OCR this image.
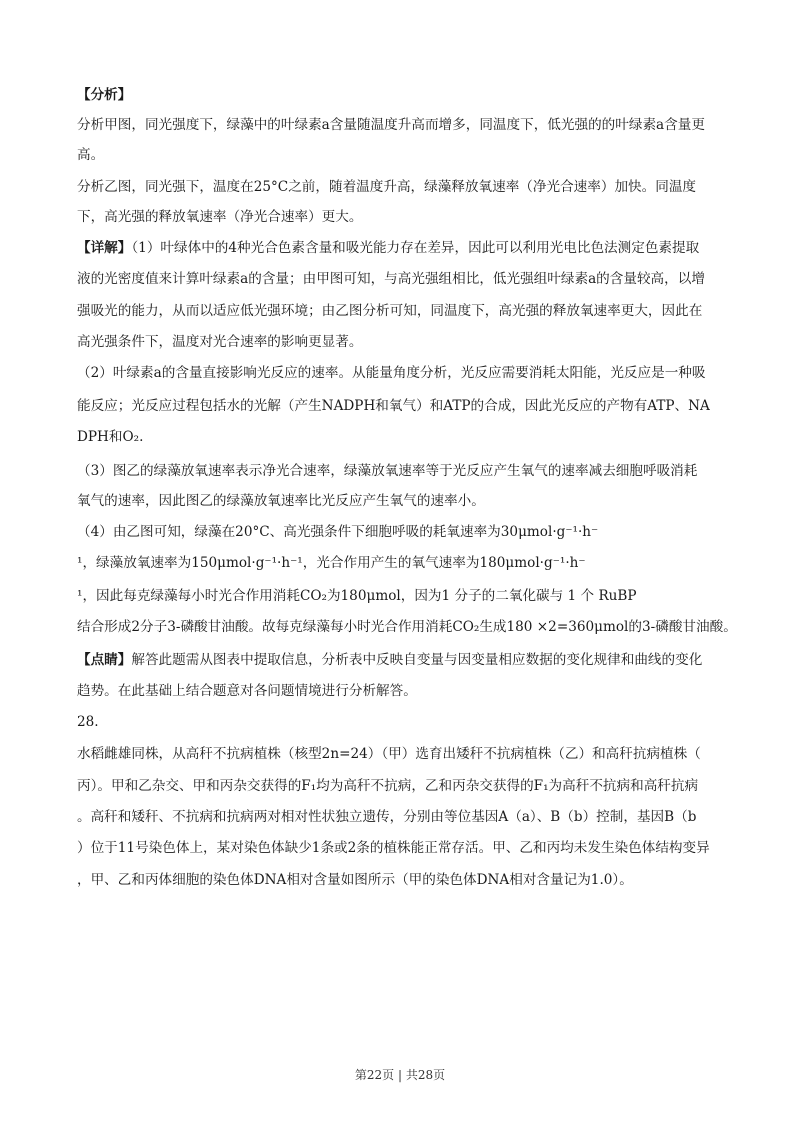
【分析】
分析甲图，同光强度下，绿藻中的叶绿素a含量随温度升高而增多，同温度下，低光强的的叶绿素a含量更
高。
分析乙图，同光强下，温度在25°C之前，随着温度升高，绿藻释放氧速率（净光合速率）加快。同温度
下，高光强的释放氧速率（净光合速率）更大。
【详解】（1）叶绿体中的4种光合色素含量和吸光能力存在差异，因此可以利用光电比色法测定色素提取
液的光密度值来计算叶绿素a的含量；由甲图可知，与高光强组相比，低光强组叶绿素a的含量较高，以增
强吸光的能力，从而以适应低光强环境；由乙图分析可知，同温度下，高光强的释放氧速率更大，因此在
高光强条件下，温度对光合速率的影响更显著。
（2）叶绿素a的含量直接影响光反应的速率。从能量角度分析，光反应需要消耗太阳能，光反应是一种吸
能反应；光反应过程包括水的光解（产生NADPH和氧气）和ATP的合成，因此光反应的产物有ATP、NA
DPH和O₂.
（3）图乙的绿藻放氧速率表示净光合速率，绿藻放氧速率等于光反应产生氧气的速率减去细胞呼吸消耗
氧气的速率，因此图乙的绿藻放氧速率比光反应产生氧气的速率小。
（4）由乙图可知，绿藻在20°C、高光强条件下细胞呼吸的耗氧速率为30μmol·g⁻¹·h⁻
¹，绿藻放氧速率为150μmol·g⁻¹·h⁻¹，光合作用产生的氧气速率为180μmol·g⁻¹·h⁻
¹，因此每克绿藻每小时光合作用消耗CO₂为180μmol，因为1 分子的二氧化碳与 1 个 RuBP
结合形成2分子3-磷酸甘油酸。故每克绿藻每小时光合作用消耗CO₂生成180 ×2=360μmol的3-磷酸甘油酸。
【点睛】解答此题需从图表中提取信息，分析表中反映自变量与因变量相应数据的变化规律和曲线的变化
趋势。在此基础上结合题意对各问题情境进行分析解答。
28.
水稻雌雄同株，从高秆不抗病植株（核型2n=24）（甲）选育出矮秆不抗病植株（乙）和高秆抗病植株（
丙）。甲和乙杂交、甲和丙杂交获得的F₁均为高秆不抗病，乙和丙杂交获得的F₁为高秆不抗病和高秆抗病
。高秆和矮秆、不抗病和抗病两对相对性状独立遗传，分别由等位基因A（a）、B（b）控制，基因B（b
）位于11号染色体上，某对染色体缺少1条或2条的植株能正常存活。甲、乙和丙均未发生染色体结构变异
，甲、乙和丙体细胞的染色体DNA相对含量如图所示（甲的染色体DNA相对含量记为1.0）。
第22页 | 共28页
